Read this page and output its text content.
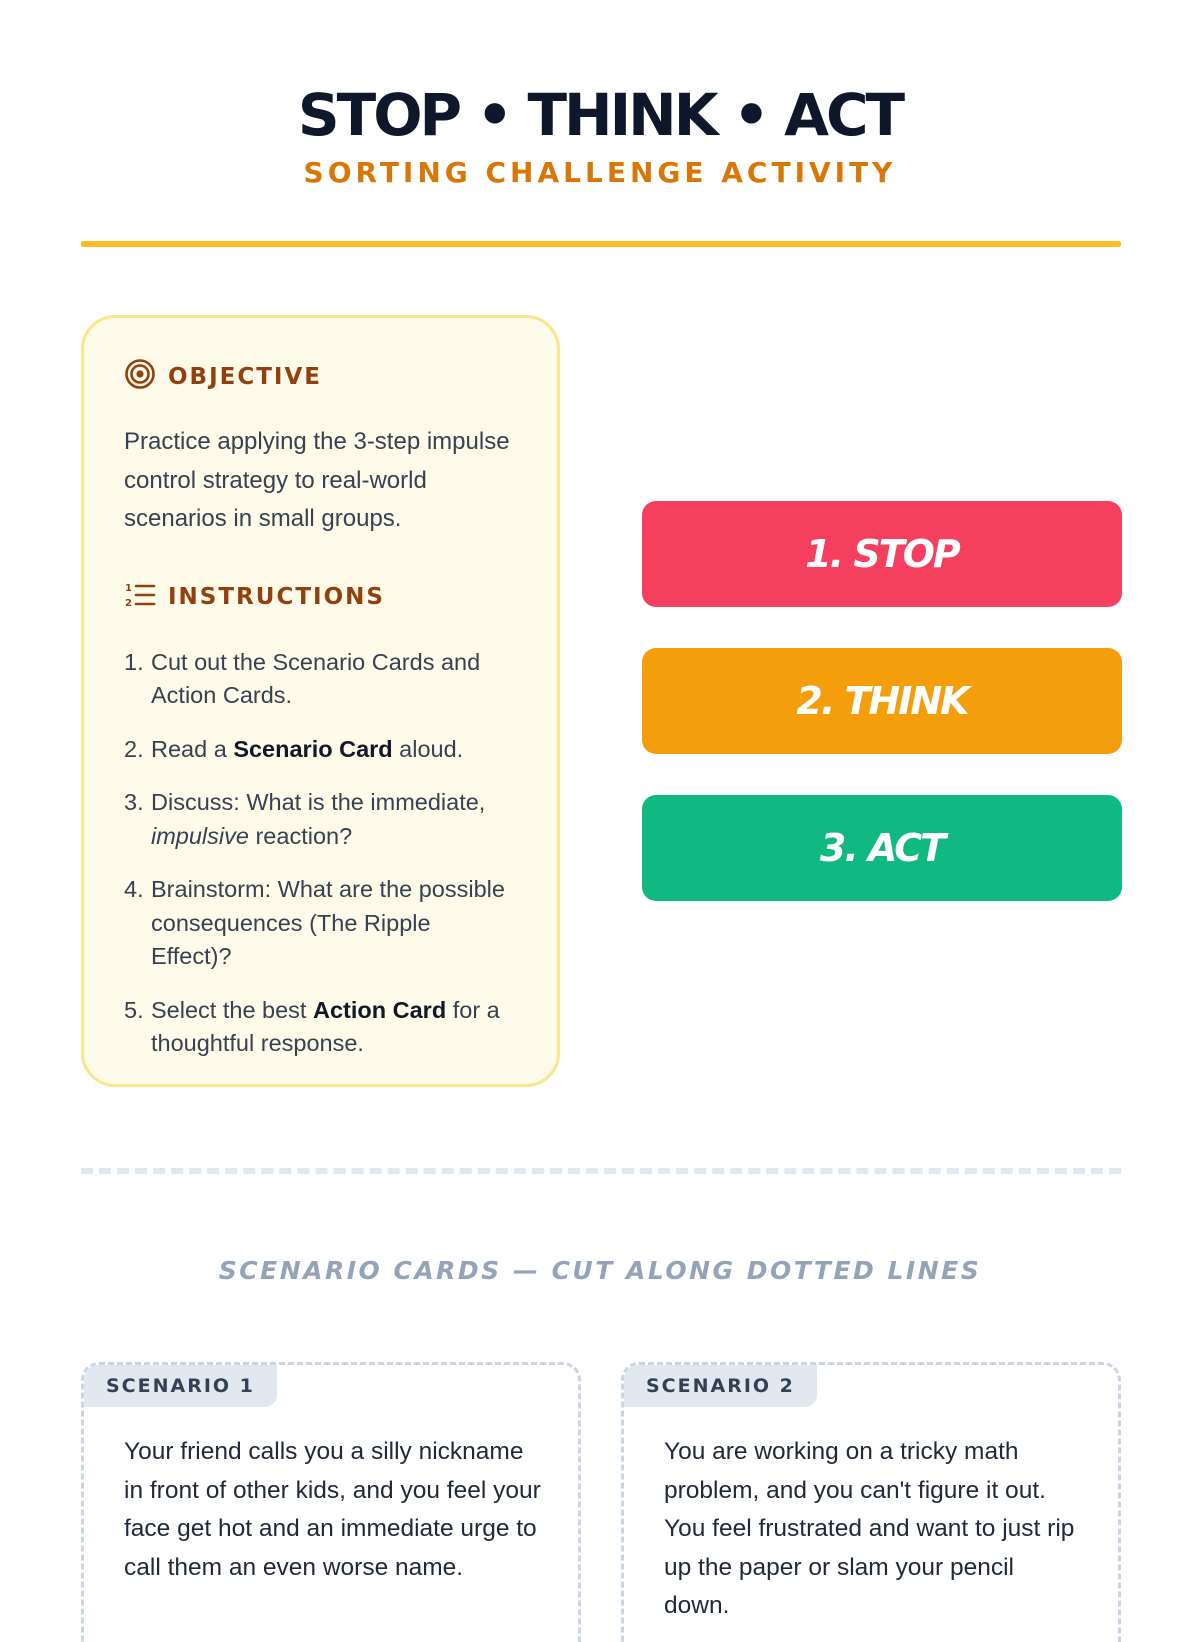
STOP • THINK • ACT
SORTING CHALLENGE ACTIVITY
OBJECTIVE

Practice applying the 3-step impulse control strategy to real-world scenarios in small groups.

1
2 INSTRUCTIONS
1. Cut out the Scenario Cards and Action Cards.
2. Read a Scenario Card aloud.
3. Discuss: What is the immediate, impulsive reaction?
4. Brainstorm: What are the possible consequences (The Ripple Effect)?
5. Select the best Action Card for a thoughtful response.
1. STOP
2. THINK
3. ACT
SCENARIO CARDS — CUT ALONG DOTTED LINES
SCENARIO 1

Your friend calls you a silly nickname in front of other kids, and you feel your face get hot and an immediate urge to call them an even worse name.

SCENARIO 2

You are working on a tricky math problem, and you can't figure it out. You feel frustrated and want to just rip up the paper or slam your pencil down.
